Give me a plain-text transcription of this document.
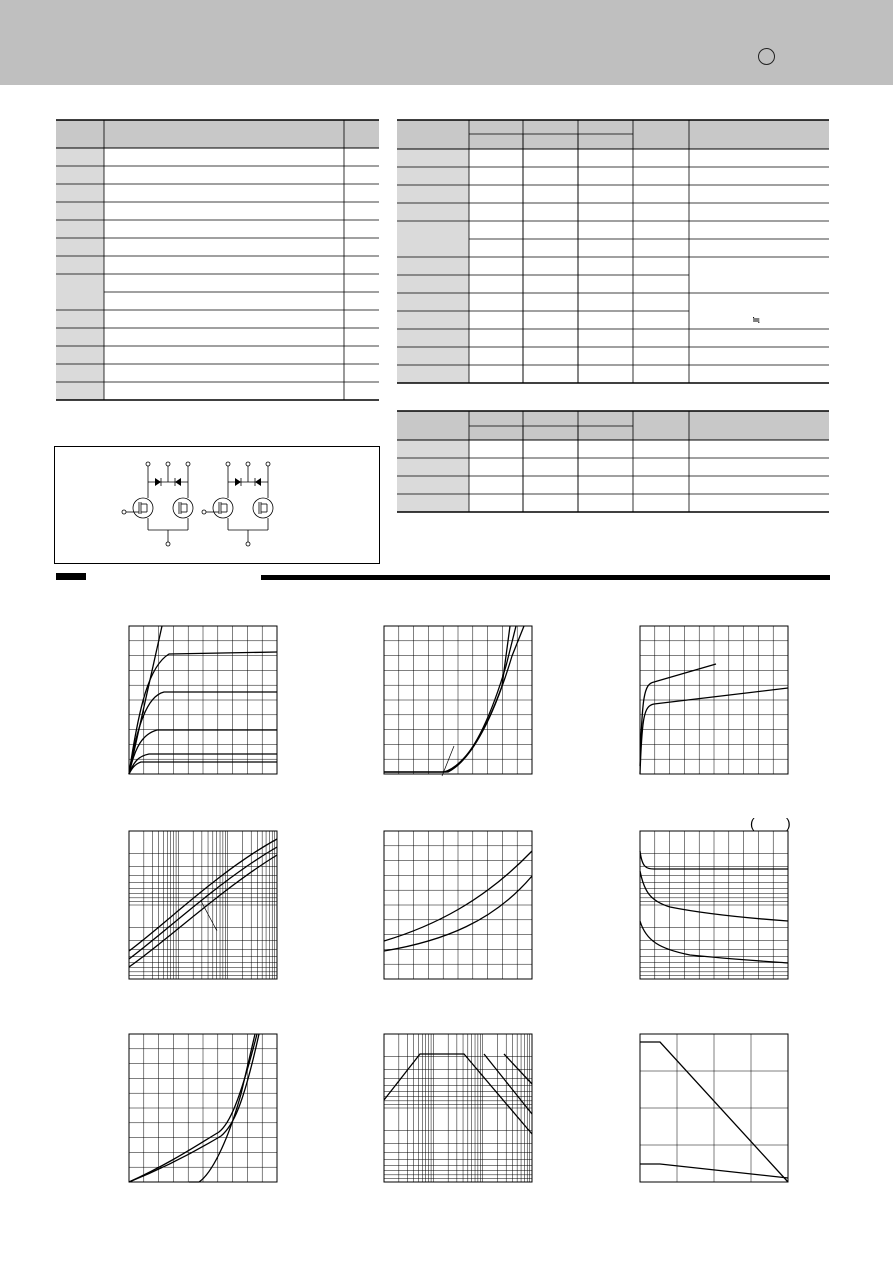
≒
( )
